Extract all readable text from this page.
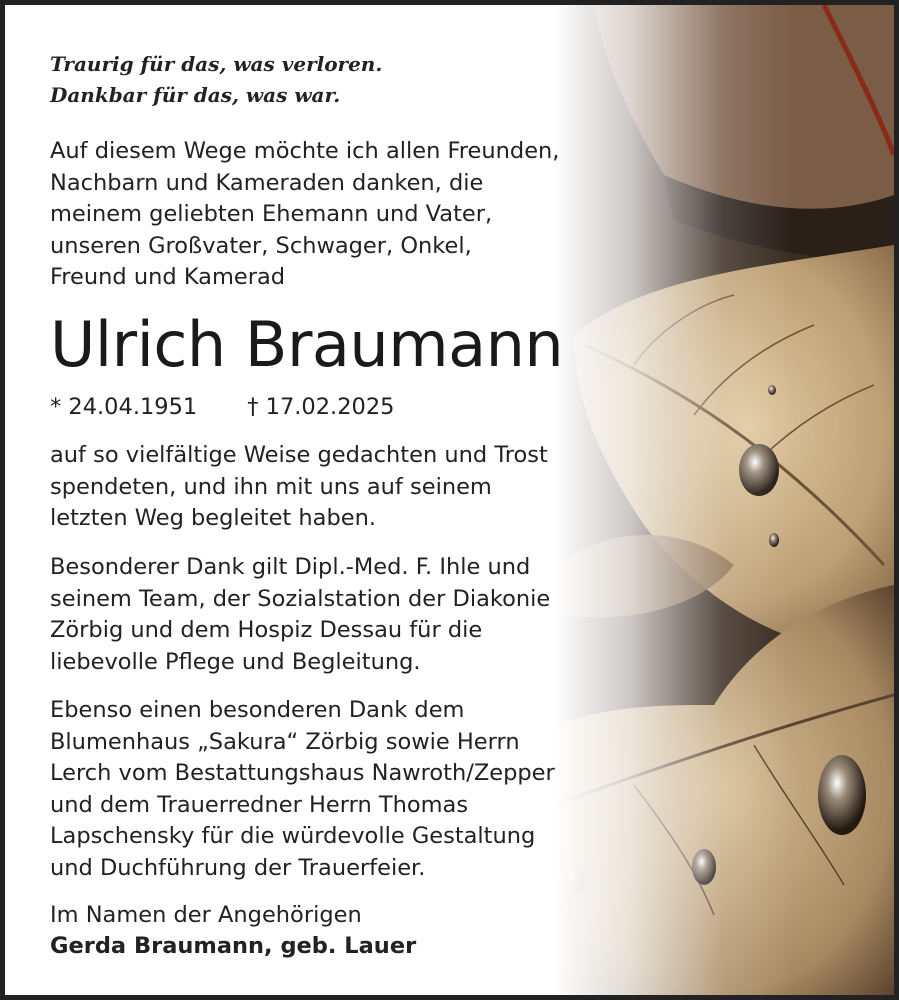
Traurig für das, was verloren.
Dankbar für das, was war.
Auf diesem Wege möchte ich allen Freunden,
Nachbarn und Kameraden danken, die
meinem geliebten Ehemann und Vater,
unseren Großvater, Schwager, Onkel,
Freund und Kamerad
Ulrich Braumann
* 24.04.1951 † 17.02.2025
auf so vielfältige Weise gedachten und Trost
spendeten, und ihn mit uns auf seinem
letzten Weg begleitet haben.
Besonderer Dank gilt Dipl.-Med. F. Ihle und
seinem Team, der Sozialstation der Diakonie
Zörbig und dem Hospiz Dessau für die
liebevolle Pflege und Begleitung.
Ebenso einen besonderen Dank dem
Blumenhaus „Sakura“ Zörbig sowie Herrn
Lerch vom Bestattungshaus Nawroth/Zepper
und dem Trauerredner Herrn Thomas
Lapschensky für die würdevolle Gestaltung
und Duchführung der Trauerfeier.
Im Namen der Angehörigen
Gerda Braumann, geb. Lauer
